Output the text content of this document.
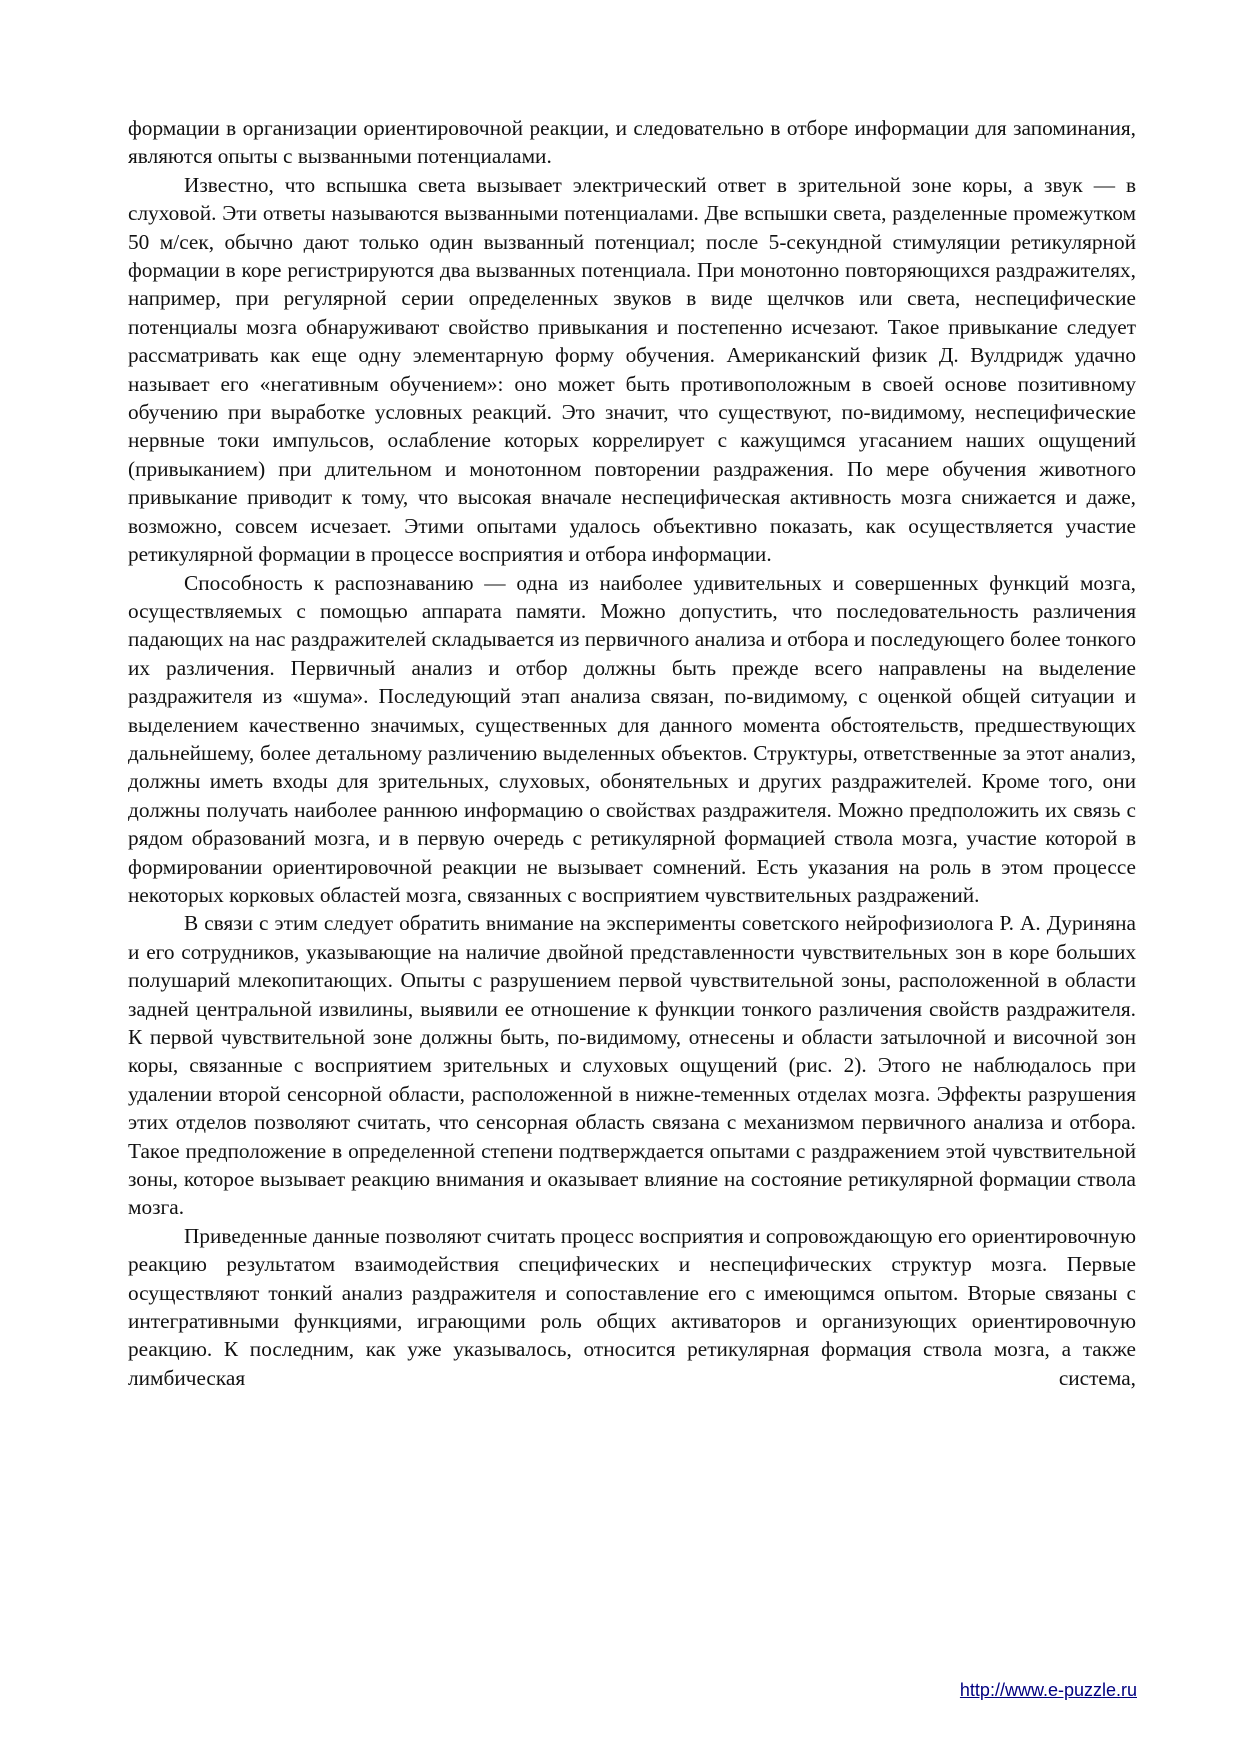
формации в организации ориентировочной реакции, и следовательно в отборе информации для запоминания, являются опыты с вызванными потенциалами.

Известно, что вспышка света вызывает электрический ответ в зрительной зоне коры, а звук — в слуховой. Эти ответы называются вызванными потенциалами. Две вспышки света, разделенные промежутком 50 м/сек, обычно дают только один вызванный потенциал; после 5-секундной стимуляции ретикулярной формации в коре регистрируются два вызванных потенциала. При монотонно повторяющихся раздражителях, например, при регулярной серии определенных звуков в виде щелчков или света, неспецифические потенциалы мозга обнаруживают свойство привыкания и постепенно исчезают. Такое привыкание следует рассматривать как еще одну элементарную форму обучения. Американский физик Д. Вулдридж удачно называет его «негативным обучением»: оно может быть противоположным в своей основе позитивному обучению при выработке условных реакций. Это значит, что существуют, по-видимому, неспецифические нервные токи импульсов, ослабление которых коррелирует с кажущимся угасанием наших ощущений (привыканием) при длительном и монотонном повторении раздражения. По мере обучения животного привыкание приводит к тому, что высокая вначале неспецифическая активность мозга снижается и даже, возможно, совсем исчезает. Этими опытами удалось объективно показать, как осуществляется участие ретикулярной формации в процессе восприятия и отбора информации.

Способность к распознаванию — одна из наиболее удивительных и совершенных функций мозга, осуществляемых с помощью аппарата памяти. Можно допустить, что последовательность различения падающих на нас раздражителей складывается из первичного анализа и отбора и последующего более тонкого их различения. Первичный анализ и отбор должны быть прежде всего направлены на выделение раздражителя из «шума». Последующий этап анализа связан, по-видимому, с оценкой общей ситуации и выделением качественно значимых, существенных для данного момента обстоятельств, предшествующих дальнейшему, более детальному различению выделенных объектов. Структуры, ответственные за этот анализ, должны иметь входы для зрительных, слуховых, обонятельных и других раздражителей. Кроме того, они должны получать наиболее раннюю информацию о свойствах раздражителя. Можно предположить их связь с рядом образований мозга, и в первую очередь с ретикулярной формацией ствола мозга, участие которой в формировании ориентировочной реакции не вызывает сомнений. Есть указания на роль в этом процессе некоторых корковых областей мозга, связанных с восприятием чувствительных раздражений.

В связи с этим следует обратить внимание на эксперименты советского нейрофизиолога Р. А. Дуриняна и его сотрудников, указывающие на наличие двойной представленности чувствительных зон в коре больших полушарий млекопитающих. Опыты с разрушением первой чувствительной зоны, расположенной в области задней центральной извилины, выявили ее отношение к функции тонкого различения свойств раздражителя. К первой чувствительной зоне должны быть, по-видимому, отнесены и области затылочной и височной зон коры, связанные с восприятием зрительных и слуховых ощущений (рис. 2). Этого не наблюдалось при удалении второй сенсорной области, расположенной в нижне-теменных отделах мозга. Эффекты разрушения этих отделов позволяют считать, что сенсорная область связана с механизмом первичного анализа и отбора. Такое предположение в определенной степени подтверждается опытами с раздражением этой чувствительной зоны, которое вызывает реакцию внимания и оказывает влияние на состояние ретикулярной формации ствола мозга.

Приведенные данные позволяют считать процесс восприятия и сопровождающую его ориентировочную реакцию результатом взаимодействия специфических и неспецифических структур мозга. Первые осуществляют тонкий анализ раздражителя и сопоставление его с имеющимся опытом. Вторые связаны с интегративными функциями, играющими роль общих активаторов и организующих ориентировочную реакцию. К последним, как уже указывалось, относится ретикулярная формация ствола мозга, а также лимбическая система,

http://www.e-puzzle.ru
